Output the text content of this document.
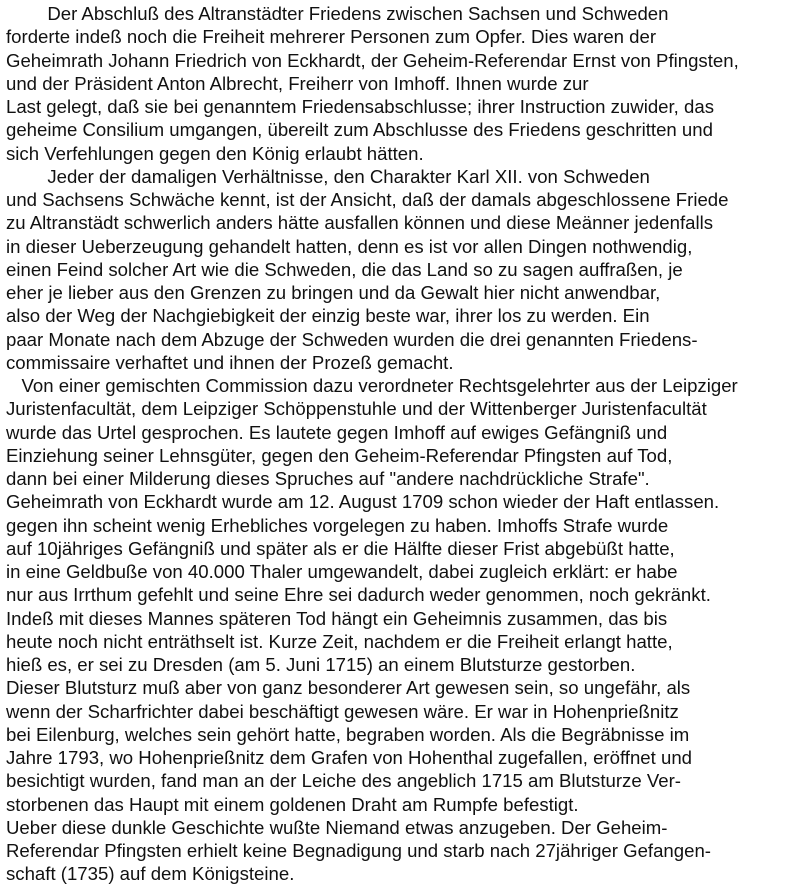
Der Abschluß des Altranstädter Friedens zwischen Sachsen und Schweden
forderte indeß noch die Freiheit mehrerer Personen zum Opfer. Dies waren der
Geheimrath Johann Friedrich von Eckhardt, der Geheim-Referendar Ernst von Pfingsten,
und der Präsident Anton Albrecht, Freiherr von Imhoff. Ihnen wurde zur
Last gelegt, daß sie bei genanntem Friedensabschlusse; ihrer Instruction zuwider, das
geheime Consilium umgangen, übereilt zum Abschlusse des Friedens geschritten und
sich Verfehlungen gegen den König erlaubt hätten.
Jeder der damaligen Verhältnisse, den Charakter Karl XII. von Schweden
und Sachsens Schwäche kennt, ist der Ansicht, daß der damals abgeschlossene Friede
zu Altranstädt schwerlich anders hätte ausfallen können und diese Meänner jedenfalls
in dieser Ueberzeugung gehandelt hatten, denn es ist vor allen Dingen nothwendig,
einen Feind solcher Art wie die Schweden, die das Land so zu sagen auffraßen, je
eher je lieber aus den Grenzen zu bringen und da Gewalt hier nicht anwendbar,
also der Weg der Nachgiebigkeit der einzig beste war, ihrer los zu werden. Ein
paar Monate nach dem Abzuge der Schweden wurden die drei genannten Friedens-
commissaire verhaftet und ihnen der Prozeß gemacht.
Von einer gemischten Commission dazu verordneter Rechtsgelehrter aus der Leipziger
Juristenfacultät, dem Leipziger Schöppenstuhle und der Wittenberger Juristenfacultät
wurde das Urtel gesprochen. Es lautete gegen Imhoff auf ewiges Gefängniß und
Einziehung seiner Lehnsgüter, gegen den Geheim-Referendar Pfingsten auf Tod,
dann bei einer Milderung dieses Spruches auf "andere nachdrückliche Strafe".
Geheimrath von Eckhardt wurde am 12. August 1709 schon wieder der Haft entlassen.
gegen ihn scheint wenig Erhebliches vorgelegen zu haben. Imhoffs Strafe wurde
auf 10jähriges Gefängniß und später als er die Hälfte dieser Frist abgebüßt hatte,
in eine Geldbuße von 40.000 Thaler umgewandelt, dabei zugleich erklärt: er habe
nur aus Irrthum gefehlt und seine Ehre sei dadurch weder genommen, noch gekränkt.
Indeß mit dieses Mannes späteren Tod hängt ein Geheimnis zusammen, das bis
heute noch nicht enträthselt ist. Kurze Zeit, nachdem er die Freiheit erlangt hatte,
hieß es, er sei zu Dresden (am 5. Juni 1715) an einem Blutsturze gestorben.
Dieser Blutsturz muß aber von ganz besonderer Art gewesen sein, so ungefähr, als
wenn der Scharfrichter dabei beschäftigt gewesen wäre. Er war in Hohenprießnitz
bei Eilenburg, welches sein gehört hatte, begraben worden. Als die Begräbnisse im
Jahre 1793, wo Hohenprießnitz dem Grafen von Hohenthal zugefallen, eröffnet und
besichtigt wurden, fand man an der Leiche des angeblich 1715 am Blutsturze Ver-
storbenen das Haupt mit einem goldenen Draht am Rumpfe befestigt.
Ueber diese dunkle Geschichte wußte Niemand etwas anzugeben. Der Geheim-
Referendar Pfingsten erhielt keine Begnadigung und starb nach 27jähriger Gefangen-
schaft (1735) auf dem Königsteine.
